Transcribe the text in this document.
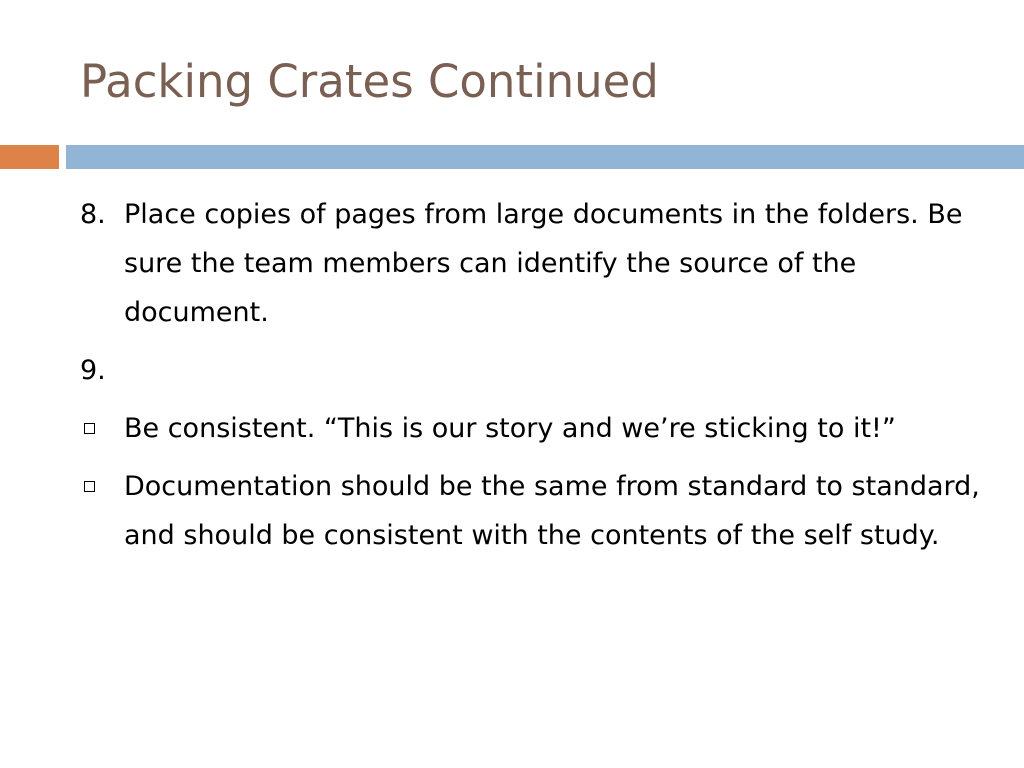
Packing Crates Continued
8. Place copies of pages from large documents in the folders. Be sure the team members can identify the source of the document.
9.

Be consistent. “This is our story and we’re sticking to it!”
Documentation should be the same from standard to standard, and should be consistent with the contents of the self study.
